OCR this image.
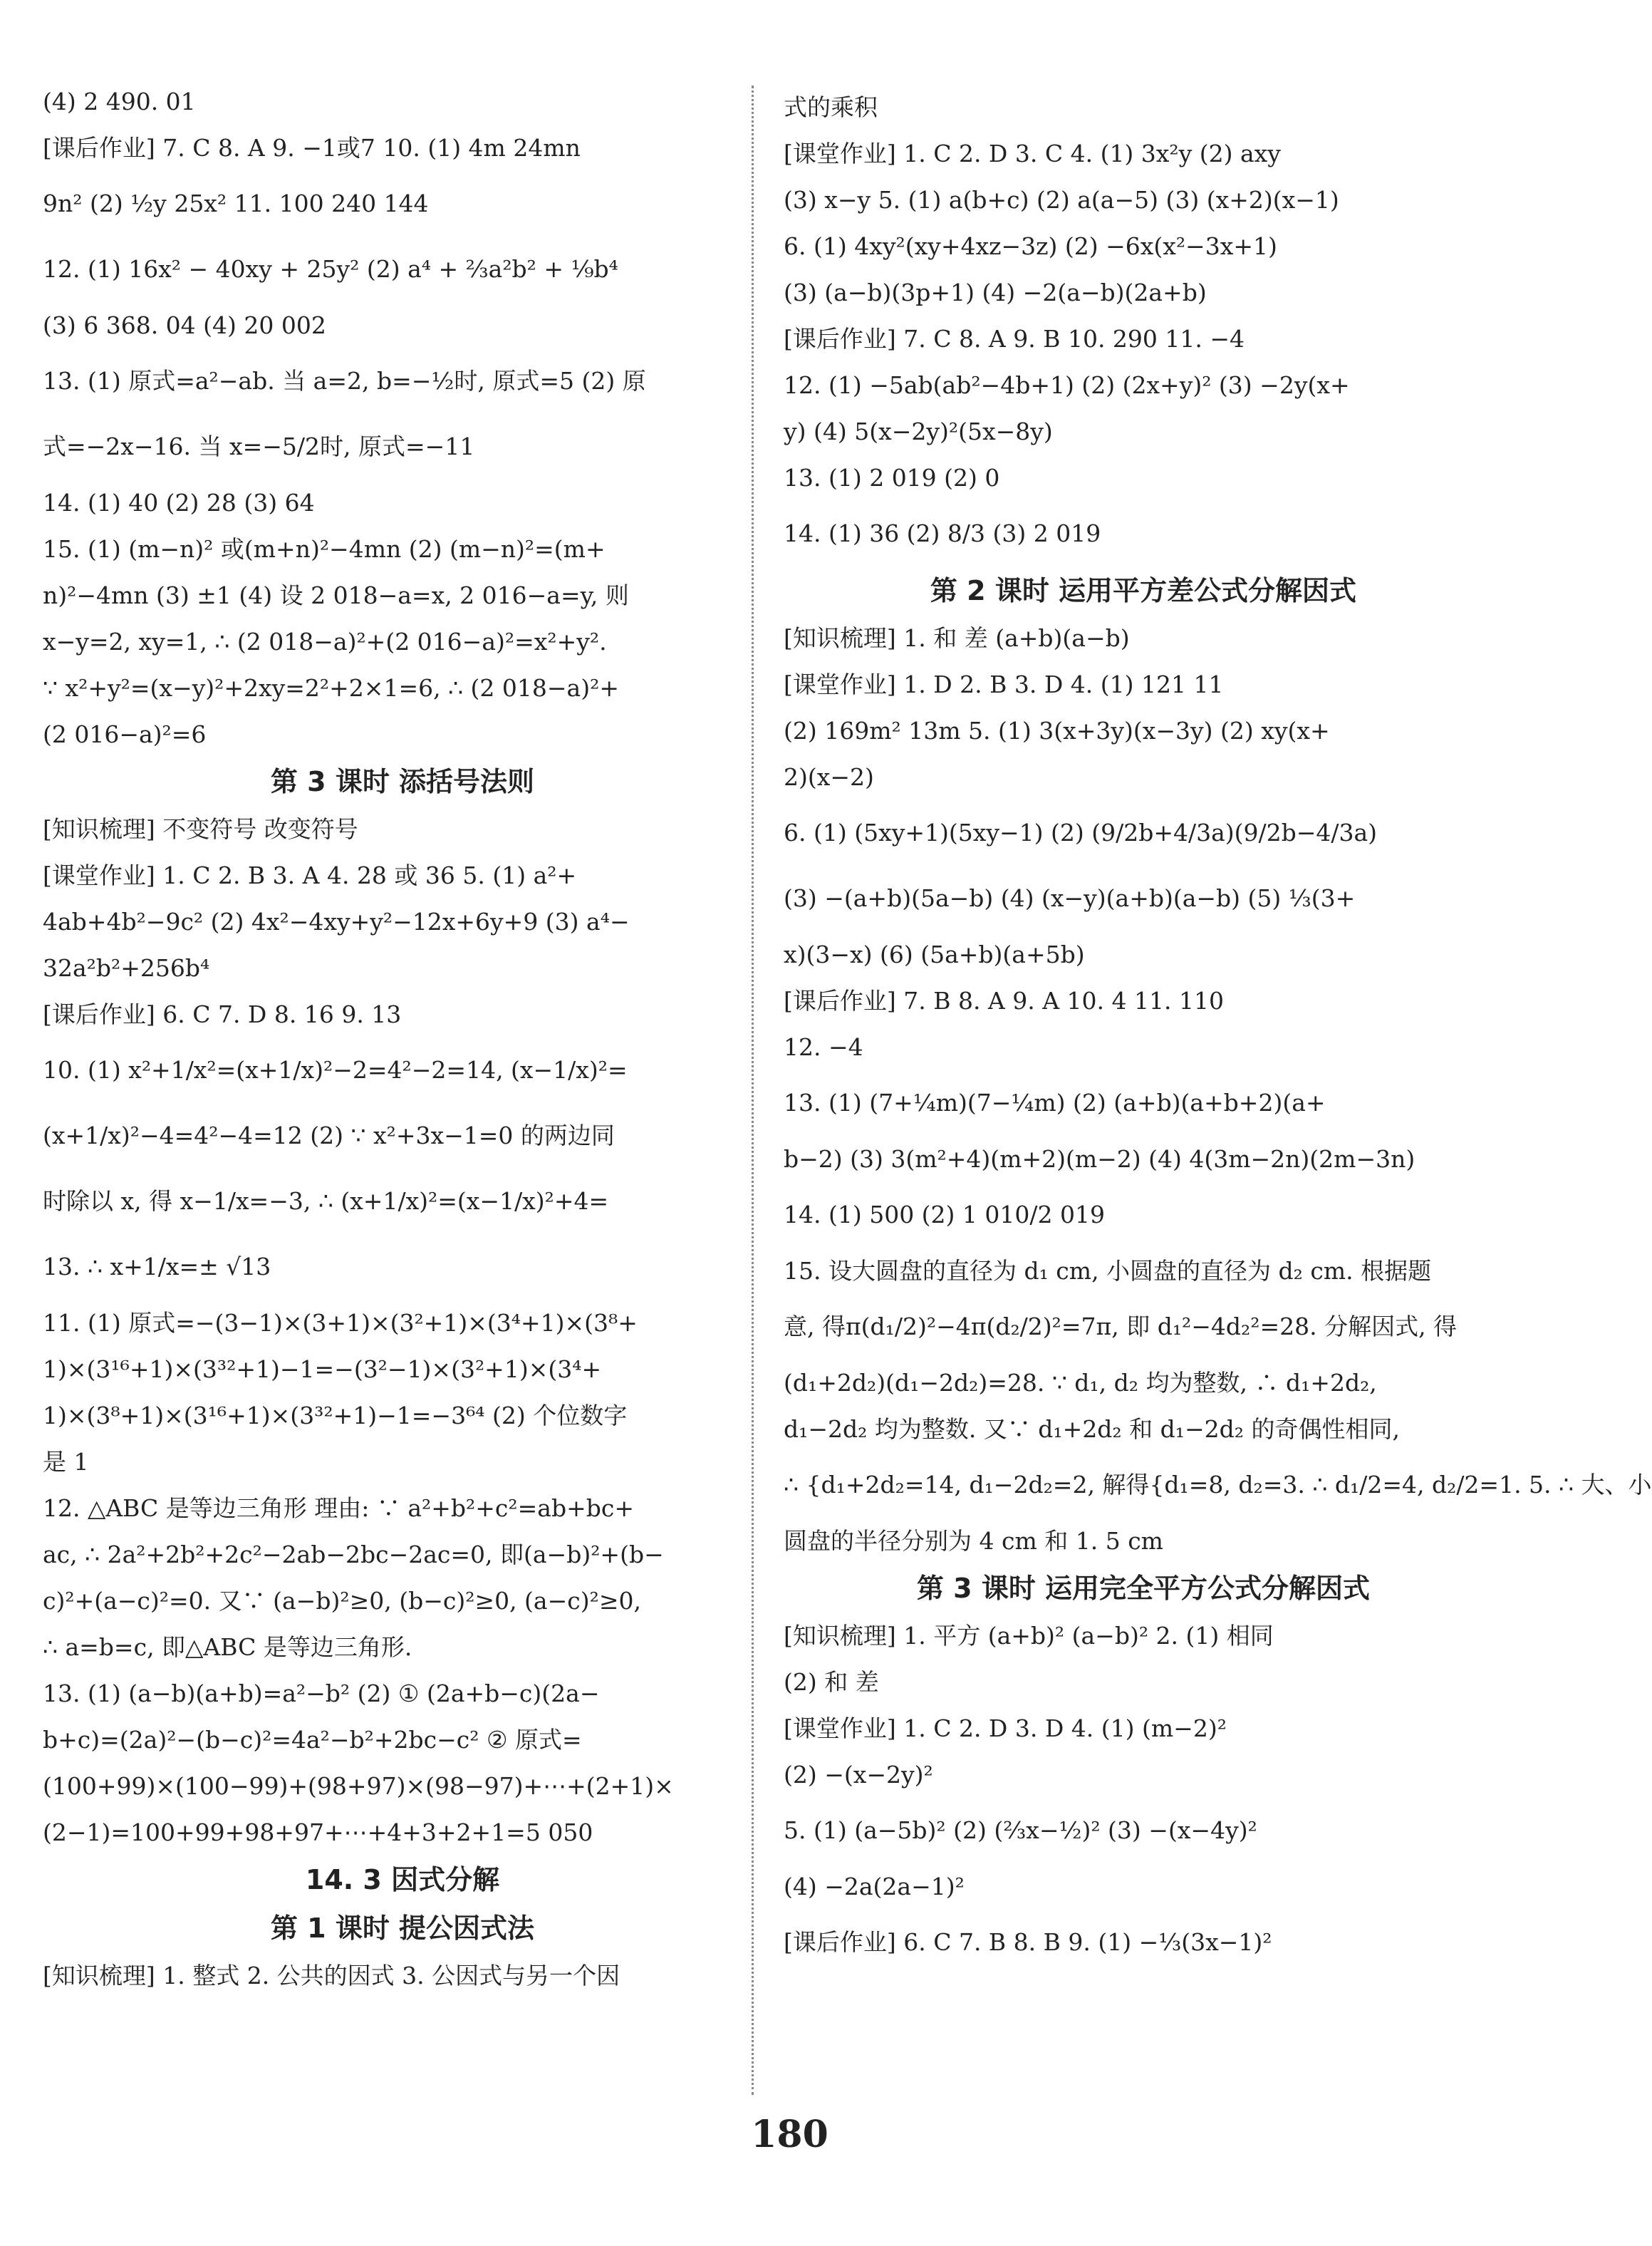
(4) 2 490. 01
[课后作业] 7. C 8. A 9. −1或7 10. (1) 4m 24mn
9n² (2) ½y 25x² 11. 100 240 144
12. (1) 16x² − 40xy + 25y² (2) a⁴ + ⅔a²b² + ⅑b⁴
(3) 6 368. 04 (4) 20 002
13. (1) 原式=a²−ab. 当 a=2, b=−½时, 原式=5 (2) 原
式=−2x−16. 当 x=−5/2时, 原式=−11
14. (1) 40 (2) 28 (3) 64
15. (1) (m−n)² 或(m+n)²−4mn (2) (m−n)²=(m+
n)²−4mn (3) ±1 (4) 设 2 018−a=x, 2 016−a=y, 则
x−y=2, xy=1, ∴ (2 018−a)²+(2 016−a)²=x²+y².
∵ x²+y²=(x−y)²+2xy=2²+2×1=6, ∴ (2 018−a)²+
(2 016−a)²=6
第 3 课时 添括号法则
[知识梳理] 不变符号 改变符号
[课堂作业] 1. C 2. B 3. A 4. 28 或 36 5. (1) a²+
4ab+4b²−9c² (2) 4x²−4xy+y²−12x+6y+9 (3) a⁴−
32a²b²+256b⁴
[课后作业] 6. C 7. D 8. 16 9. 13
10. (1) x²+1/x²=(x+1/x)²−2=4²−2=14, (x−1/x)²=
(x+1/x)²−4=4²−4=12 (2) ∵ x²+3x−1=0 的两边同
时除以 x, 得 x−1/x=−3, ∴ (x+1/x)²=(x−1/x)²+4=
13. ∴ x+1/x=± √13
11. (1) 原式=−(3−1)×(3+1)×(3²+1)×(3⁴+1)×(3⁸+
1)×(3¹⁶+1)×(3³²+1)−1=−(3²−1)×(3²+1)×(3⁴+
1)×(3⁸+1)×(3¹⁶+1)×(3³²+1)−1=−3⁶⁴ (2) 个位数字
是 1
12. △ABC 是等边三角形 理由: ∵ a²+b²+c²=ab+bc+
ac, ∴ 2a²+2b²+2c²−2ab−2bc−2ac=0, 即(a−b)²+(b−
c)²+(a−c)²=0. 又∵ (a−b)²≥0, (b−c)²≥0, (a−c)²≥0,
∴ a=b=c, 即△ABC 是等边三角形.
13. (1) (a−b)(a+b)=a²−b² (2) ① (2a+b−c)(2a−
b+c)=(2a)²−(b−c)²=4a²−b²+2bc−c² ② 原式=
(100+99)×(100−99)+(98+97)×(98−97)+⋯+(2+1)×
(2−1)=100+99+98+97+⋯+4+3+2+1=5 050
14. 3 因式分解
第 1 课时 提公因式法
[知识梳理] 1. 整式 2. 公共的因式 3. 公因式与另一个因
式的乘积
[课堂作业] 1. C 2. D 3. C 4. (1) 3x²y (2) axy
(3) x−y 5. (1) a(b+c) (2) a(a−5) (3) (x+2)(x−1)
6. (1) 4xy²(xy+4xz−3z) (2) −6x(x²−3x+1)
(3) (a−b)(3p+1) (4) −2(a−b)(2a+b)
[课后作业] 7. C 8. A 9. B 10. 290 11. −4
12. (1) −5ab(ab²−4b+1) (2) (2x+y)² (3) −2y(x+
y) (4) 5(x−2y)²(5x−8y)
13. (1) 2 019 (2) 0
14. (1) 36 (2) 8/3 (3) 2 019
第 2 课时 运用平方差公式分解因式
[知识梳理] 1. 和 差 (a+b)(a−b)
[课堂作业] 1. D 2. B 3. D 4. (1) 121 11
(2) 169m² 13m 5. (1) 3(x+3y)(x−3y) (2) xy(x+
2)(x−2)
6. (1) (5xy+1)(5xy−1) (2) (9/2b+4/3a)(9/2b−4/3a)
(3) −(a+b)(5a−b) (4) (x−y)(a+b)(a−b) (5) ⅓(3+
x)(3−x) (6) (5a+b)(a+5b)
[课后作业] 7. B 8. A 9. A 10. 4 11. 110
12. −4
13. (1) (7+¼m)(7−¼m) (2) (a+b)(a+b+2)(a+
b−2) (3) 3(m²+4)(m+2)(m−2) (4) 4(3m−2n)(2m−3n)
14. (1) 500 (2) 1 010/2 019
15. 设大圆盘的直径为 d₁ cm, 小圆盘的直径为 d₂ cm. 根据题
意, 得π(d₁/2)²−4π(d₂/2)²=7π, 即 d₁²−4d₂²=28. 分解因式, 得
(d₁+2d₂)(d₁−2d₂)=28. ∵ d₁, d₂ 均为整数, ∴ d₁+2d₂,
d₁−2d₂ 均为整数. 又∵ d₁+2d₂ 和 d₁−2d₂ 的奇偶性相同,
∴ {d₁+2d₂=14, d₁−2d₂=2, 解得{d₁=8, d₂=3. ∴ d₁/2=4, d₂/2=1. 5. ∴ 大、小
圆盘的半径分别为 4 cm 和 1. 5 cm
第 3 课时 运用完全平方公式分解因式
[知识梳理] 1. 平方 (a+b)² (a−b)² 2. (1) 相同
(2) 和 差
[课堂作业] 1. C 2. D 3. D 4. (1) (m−2)²
(2) −(x−2y)²
5. (1) (a−5b)² (2) (⅔x−½)² (3) −(x−4y)²
(4) −2a(2a−1)²
[课后作业] 6. C 7. B 8. B 9. (1) −⅓(3x−1)²
180
